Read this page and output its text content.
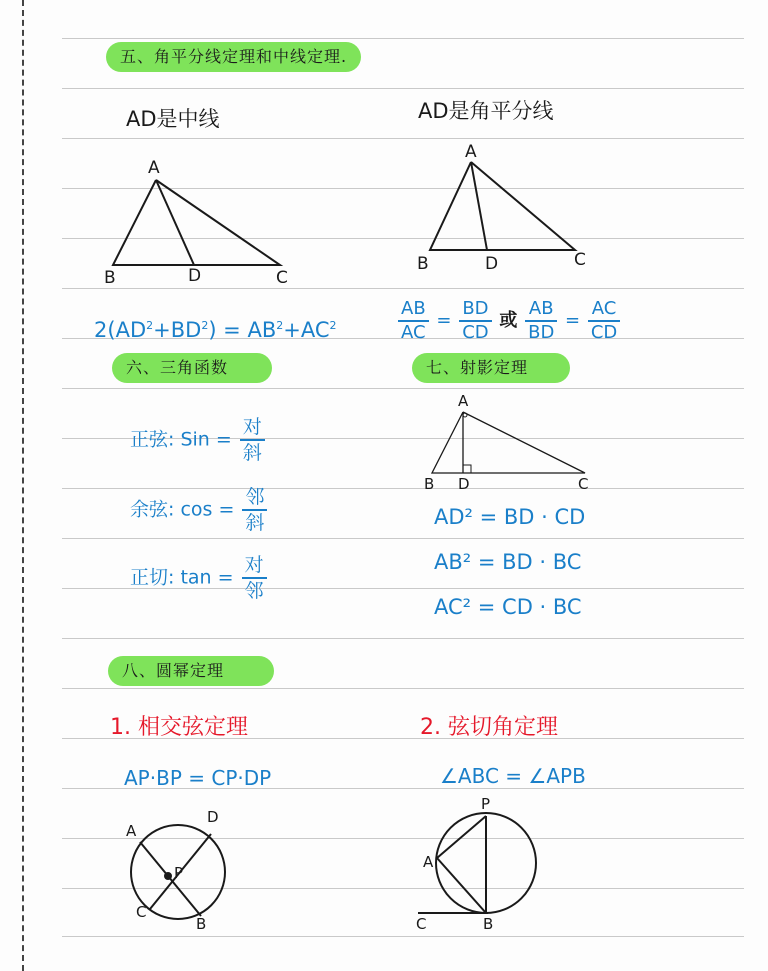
五、角平分线定理和中线定理.
AD是中线	AD是角平分线
A
B	D	C
A
B	D	C
$2(AD^2+BD^2) = AB^2+AC^2$	$\frac{AB}{AC} = \frac{BD}{CD}$ 或 $\frac{AB}{BD} = \frac{AC}{CD}$
六、三角函数
正弦: Sin = $\frac{\text{对}}{\text{斜}}$
余弦: $\cos = \frac{\text{邻}}{\text{斜}}$
正切: $\tan = \frac{\text{对}}{\text{邻}}$
七、射影定理
A
B D	C
AD² = BD · CD
AB² = BD · BC
AC² = CD · BC
八、圆幂定理
1. 相交弦定理	2. 弦切角定理
AP·BP = CP·DP	∠ABC = ∠APB
A
D
P
C
B
P
A
C	B
